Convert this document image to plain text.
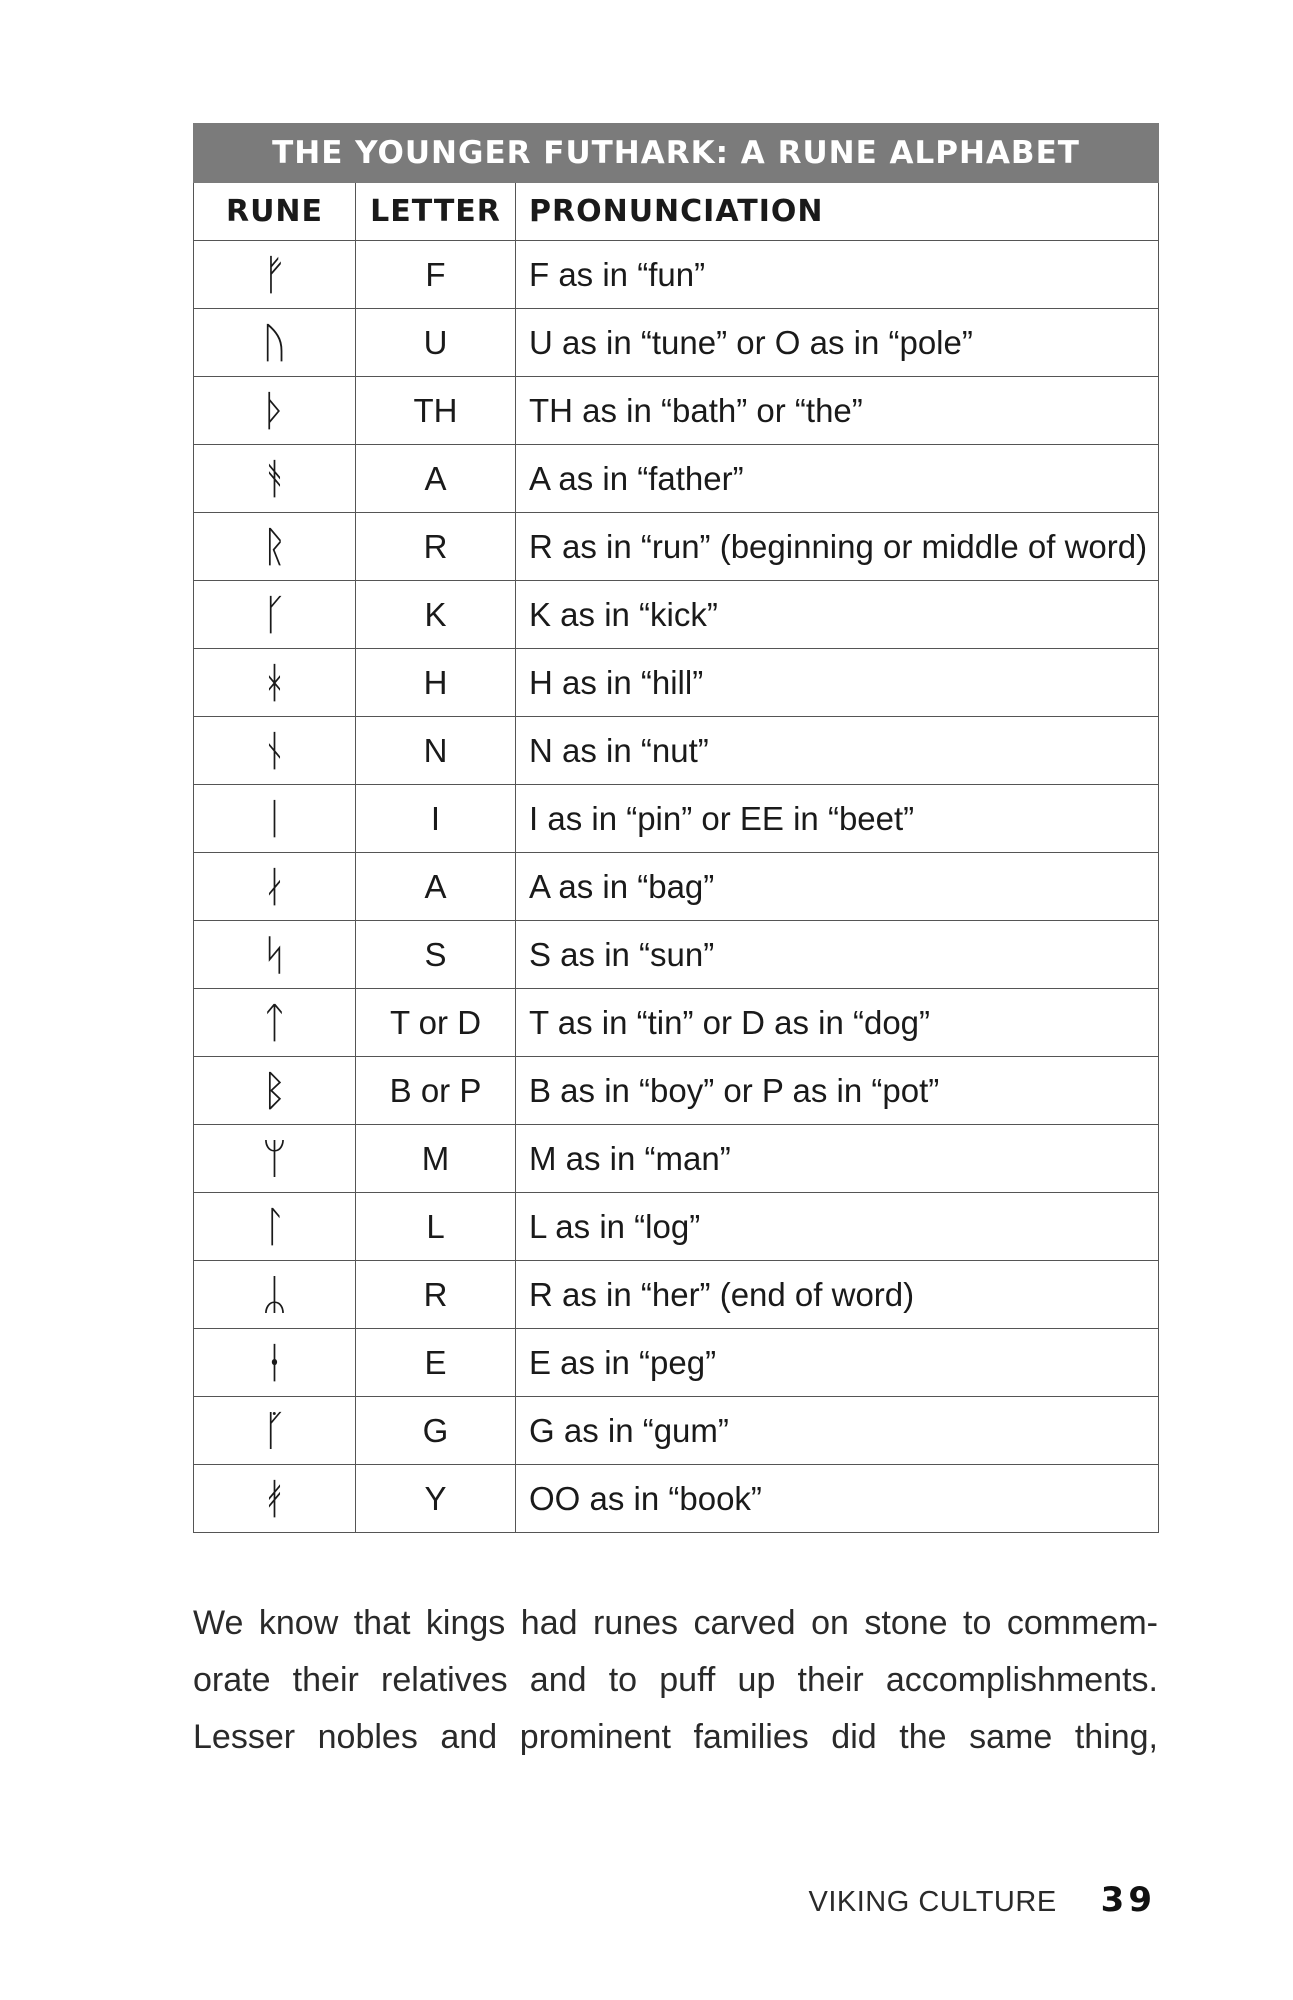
THE YOUNGER FUTHARK: A RUNE ALPHABET		
RUNE	LETTER	PRONUNCIATION
ᚠ	F	F as in “fun”
ᚢ	U	U as in “tune” or O as in “pole”
ᚦ	TH	TH as in “bath” or “the”
ᚬ	A	A as in “father”
ᚱ	R	R as in “run” (beginning or middle of word)
ᚴ	K	K as in “kick”
ᚼ	H	H as in “hill”
ᚾ	N	N as in “nut”
ᛁ	I	I as in “pin” or EE in “beet”
ᛅ	A	A as in “bag”
ᛋ	S	S as in “sun”
ᛏ	T or D	T as in “tin” or D as in “dog”
ᛒ	B or P	B as in “boy” or P as in “pot”
ᛘ	M	M as in “man”
ᛚ	L	L as in “log”
ᛦ	R	R as in “her” (end of word)
ᛂ	E	E as in “peg”
ᚵ	G	G as in “gum”
ᚯ	Y	OO as in “book”
We know that kings had runes carved on stone to commem-
orate their relatives and to puff up their accomplishments.
Lesser nobles and prominent families did the same thing,
VIKING CULTURE 39
